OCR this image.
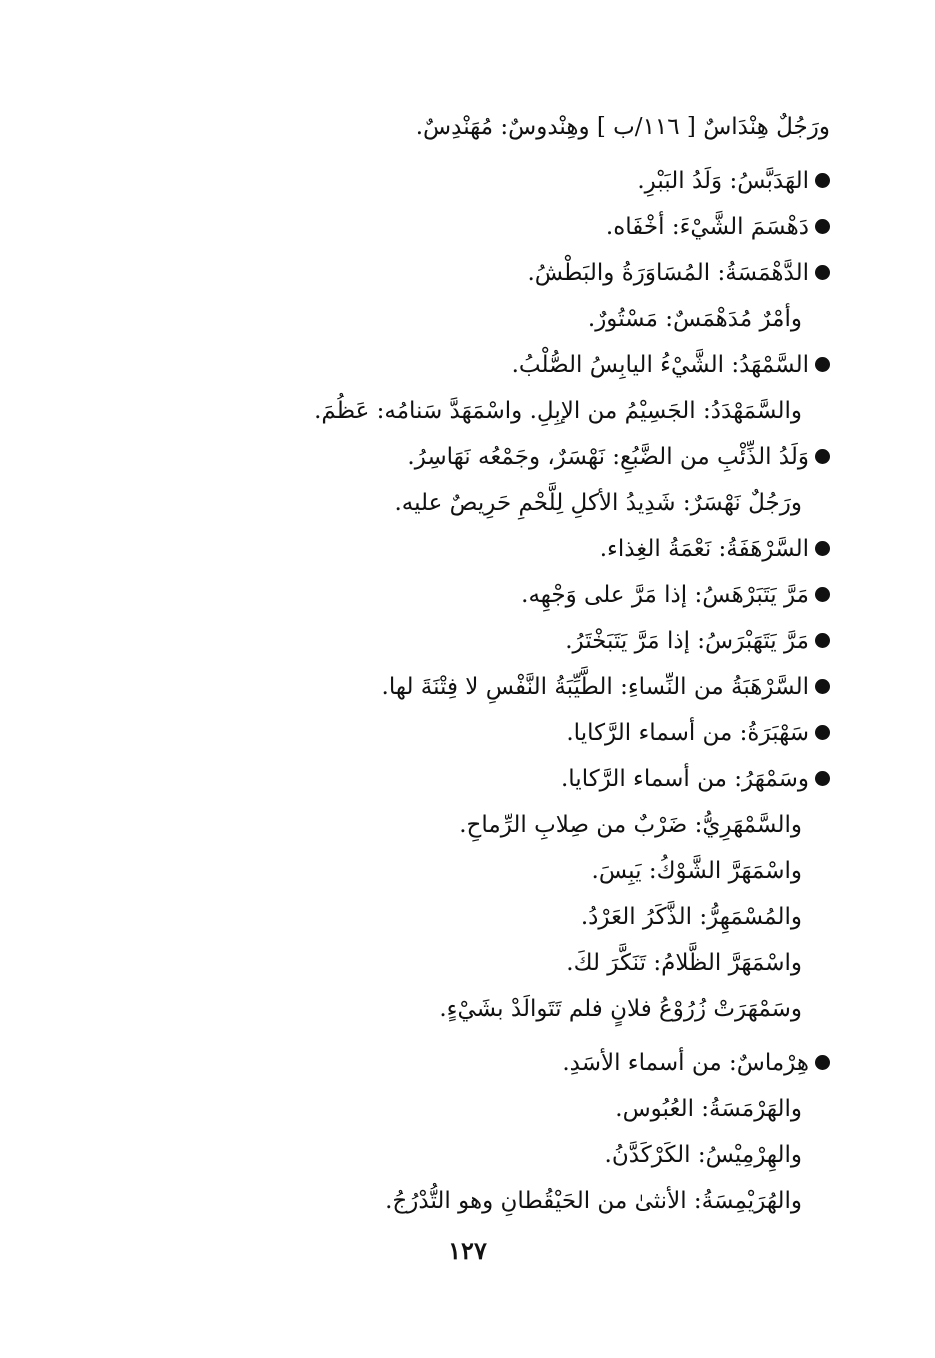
ورَجُلٌ هِنْدَاسٌ [ ١١٦/ب ] وهِنْدوسٌ: مُهَنْدِسٌ.
الهَدَبَّسُ: وَلَدُ البَبْرِ.
دَهْسَمَ الشَّيْءَ: أخْفَاه.
الدَّهْمَسَةُ: المُسَاوَرَةُ والبَطْشُ.
وأمْرٌ مُدَهْمَسٌ: مَسْتُورٌ.
السَّمْهَدُ: الشَّيْءُ اليابِسُ الصُّلْبُ.
والسَّمَهْدَدُ: الجَسِيْمُ من الإبِلِ. واسْمَهَدَّ سَنامُه: عَظُمَ.
وَلَدُ الذِّئْبِ من الضَّبُعِ: نَهْسَرٌ، وجَمْعُه نَهَاسِرُ.
ورَجُلٌ نَهْسَرٌ: شَدِيدُ الأكلِ لِلَّحْمِ حَرِيصٌ عليه.
السَّرْهَفَةُ: نَعْمَةُ الغِذاء.
مَرَّ يَتَبَرْهَسُ: إذا مَرَّ على وَجْهِه.
مَرَّ يَتَهَبْرَسُ: إذا مَرَّ يَتَبَخْتَرُ.
السَّرْهَبَةُ من النِّساءِ: الطَّيِّبَةُ النَّفْسِ لا فِتْنَةَ لها.
سَهْبَرَةُ: من أسماء الرَّكايا.
وسَمْهَرُ: من أسماء الرَّكايا.
والسَّمْهَرِيُّ: ضَرْبٌ من صِلابِ الرِّماحِ.
واسْمَهَرَّ الشَّوْكُ: يَبِسَ.
والمُسْمَهِرُّ: الذَّكَرُ العَرْدُ.
واسْمَهَرَّ الظَّلامُ: تَنَكَّرَ لكَ.
وسَمْهَرَتْ زُرُوْعُ فلانٍ فلم تَتَوالَدْ بشَيْءٍ.
هِرْماسٌ: من أسماء الأسَدِ.
والهَرْمَسَةُ: العُبُوس.
والهِرْمِيْسُ: الكَرْكَدَّنُ.
والهُرَيْمِسَةُ: الأنثىٰ من الحَيْقُطانِ وهو التُّدْرُجُ.
١٢٧
